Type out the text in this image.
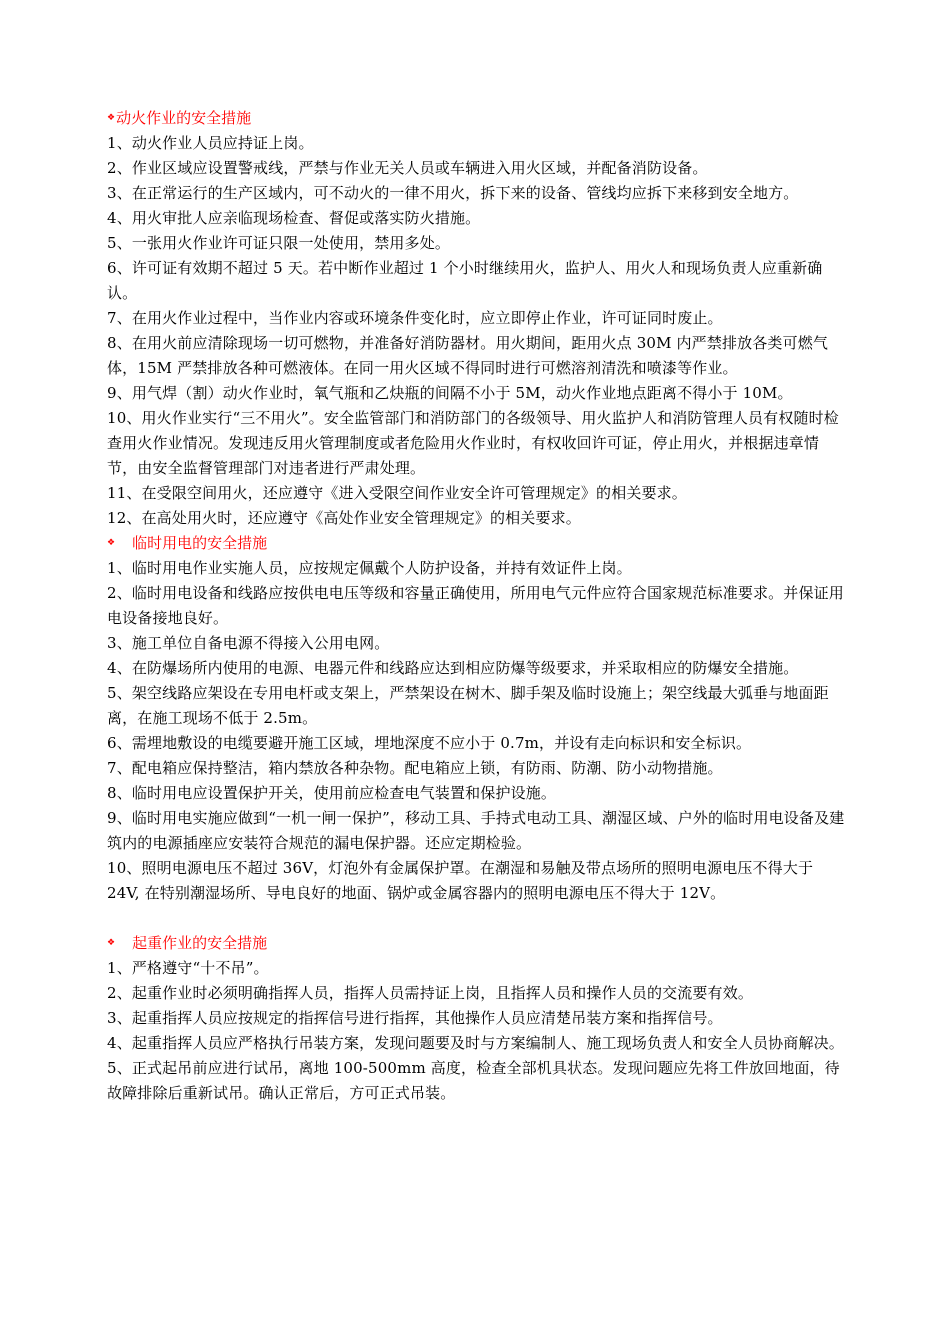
❖动火作业的安全措施
1、动火作业人员应持证上岗。
2、作业区域应设置警戒线，严禁与作业无关人员或车辆进入用火区域，并配备消防设备。
3、在正常运行的生产区域内，可不动火的一律不用火，拆下来的设备、管线均应拆下来移到安全地方。
4、用火审批人应亲临现场检查、督促或落实防火措施。
5、一张用火作业许可证只限一处使用，禁用多处。
6、许可证有效期不超过 5 天。若中断作业超过 1 个小时继续用火，监护人、用火人和现场负责人应重新确认。
7、在用火作业过程中，当作业内容或环境条件变化时，应立即停止作业，许可证同时废止。
8、在用火前应清除现场一切可燃物，并准备好消防器材。用火期间，距用火点 30M 内严禁排放各类可燃气体，15M 严禁排放各种可燃液体。在同一用火区域不得同时进行可燃溶剂清洗和喷漆等作业。
9、用气焊（割）动火作业时，氧气瓶和乙炔瓶的间隔不小于 5M，动火作业地点距离不得小于 10M。
10、用火作业实行“三不用火”。安全监管部门和消防部门的各级领导、用火监护人和消防管理人员有权随时检查用火作业情况。发现违反用火管理制度或者危险用火作业时，有权收回许可证，停止用火，并根据违章情节，由安全监督管理部门对违者进行严肃处理。
11、在受限空间用火，还应遵守《进入受限空间作业安全许可管理规定》的相关要求。
12、在高处用火时，还应遵守《高处作业安全管理规定》的相关要求。
❖ 临时用电的安全措施
1、临时用电作业实施人员，应按规定佩戴个人防护设备，并持有效证件上岗。
2、临时用电设备和线路应按供电电压等级和容量正确使用，所用电气元件应符合国家规范标准要求。并保证用电设备接地良好。
3、施工单位自备电源不得接入公用电网。
4、在防爆场所内使用的电源、电器元件和线路应达到相应防爆等级要求，并采取相应的防爆安全措施。
5、架空线路应架设在专用电杆或支架上，严禁架设在树木、脚手架及临时设施上；架空线最大弧垂与地面距离，在施工现场不低于 2.5m。
6、需埋地敷设的电缆要避开施工区域，埋地深度不应小于 0.7m，并设有走向标识和安全标识。
7、配电箱应保持整洁，箱内禁放各种杂物。配电箱应上锁，有防雨、防潮、防小动物措施。
8、临时用电应设置保护开关，使用前应检查电气装置和保护设施。
9、临时用电实施应做到“一机一闸一保护”，移动工具、手持式电动工具、潮湿区域、户外的临时用电设备及建筑内的电源插座应安装符合规范的漏电保护器。还应定期检验。
10、照明电源电压不超过 36V，灯泡外有金属保护罩。在潮湿和易触及带点场所的照明电源电压不得大于 24V, 在特别潮湿场所、导电良好的地面、锅炉或金属容器内的照明电源电压不得大于 12V。
❖ 起重作业的安全措施
1、严格遵守“十不吊”。
2、起重作业时必须明确指挥人员，指挥人员需持证上岗，且指挥人员和操作人员的交流要有效。
3、起重指挥人员应按规定的指挥信号进行指挥，其他操作人员应清楚吊装方案和指挥信号。
4、起重指挥人员应严格执行吊装方案，发现问题要及时与方案编制人、施工现场负责人和安全人员协商解决。
5、正式起吊前应进行试吊，离地 100-500mm 高度，检查全部机具状态。发现问题应先将工件放回地面，待故障排除后重新试吊。确认正常后，方可正式吊装。
